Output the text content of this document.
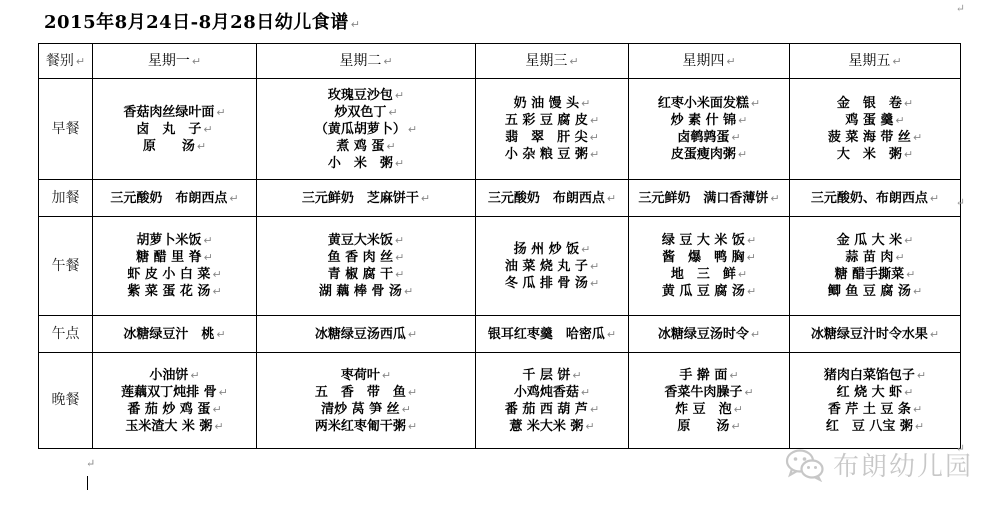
2015年8月24日-8月28日幼儿食谱 ↵
↵
餐别 ↵	星期一 ↵	星期二 ↵	星期三 ↵	星期四 ↵	星期五 ↵
早餐	香菇肉丝绿叶面 ↵
卤　丸　子 ↵
原　　汤 ↵	玫瑰豆沙包 ↵
炒双色丁 ↵
（黄瓜胡萝卜） ↵
煮 鸡 蛋 ↵
小　米　粥 ↵	奶 油 馒 头 ↵
五 彩 豆 腐 皮 ↵
翡　翠　肝 尖 ↵
小 杂 粮 豆 粥 ↵	红枣小米面发糕 ↵
炒 素 什 锦 ↵
卤鹌鹑蛋 ↵
皮蛋瘦肉粥 ↵	金　银　卷 ↵
鸡 蛋 羹 ↵
菠 菜 海 带 丝 ↵
大　米　粥 ↵

加餐	三元酸奶　布朗西点 ↵	三元鲜奶　芝麻饼干 ↵	三元酸奶　布朗西点 ↵	三元鲜奶　满口香薄饼 ↵	三元酸奶、布朗西点 ↵

午餐	胡萝卜米饭 ↵
糖 醋 里 脊 ↵
虾 皮 小 白 菜 ↵
紫 菜 蛋 花 汤 ↵	黄豆大米饭 ↵
鱼 香 肉 丝 ↵
青 椒 腐 干 ↵
湖 藕 棒 骨 汤 ↵	扬 州 炒 饭 ↵
油 菜 烧 丸 子 ↵
冬 瓜 排 骨 汤 ↵	绿 豆 大 米 饭 ↵
酱　爆　鸭 胸 ↵
地　三　鲜 ↵
黄 瓜 豆 腐 汤 ↵	金 瓜 大 米 ↵
蒜 苗 肉 ↵
糖 醋手撕菜 ↵
鲫 鱼 豆 腐 汤 ↵

午点	冰糖绿豆汁　桃 ↵	冰糖绿豆汤西瓜 ↵	银耳红枣羹　哈密瓜 ↵	冰糖绿豆汤时令 ↵	冰糖绿豆汁时令水果 ↵

晚餐	小油饼 ↵
莲藕双丁炖排 骨 ↵
番 茄 炒 鸡 蛋 ↵
玉米渣大 米 粥 ↵	枣荷叶 ↵
五　香　带　鱼 ↵
清炒 莴 笋 丝 ↵
两米红枣匍干粥 ↵	千 层 饼 ↵
小鸡炖香菇 ↵
番 茄 西 葫 芦 ↵
薏 米大米 粥 ↵	手 擀 面 ↵
香菜牛肉臊子 ↵
炸 豆　泡 ↵
原　　汤 ↵	猪肉白菜馅包子 ↵
红 烧 大 虾 ↵
香 芹 土 豆 条 ↵
红　豆 八宝 粥 ↵
↵
↵
↵	布朗幼儿园
